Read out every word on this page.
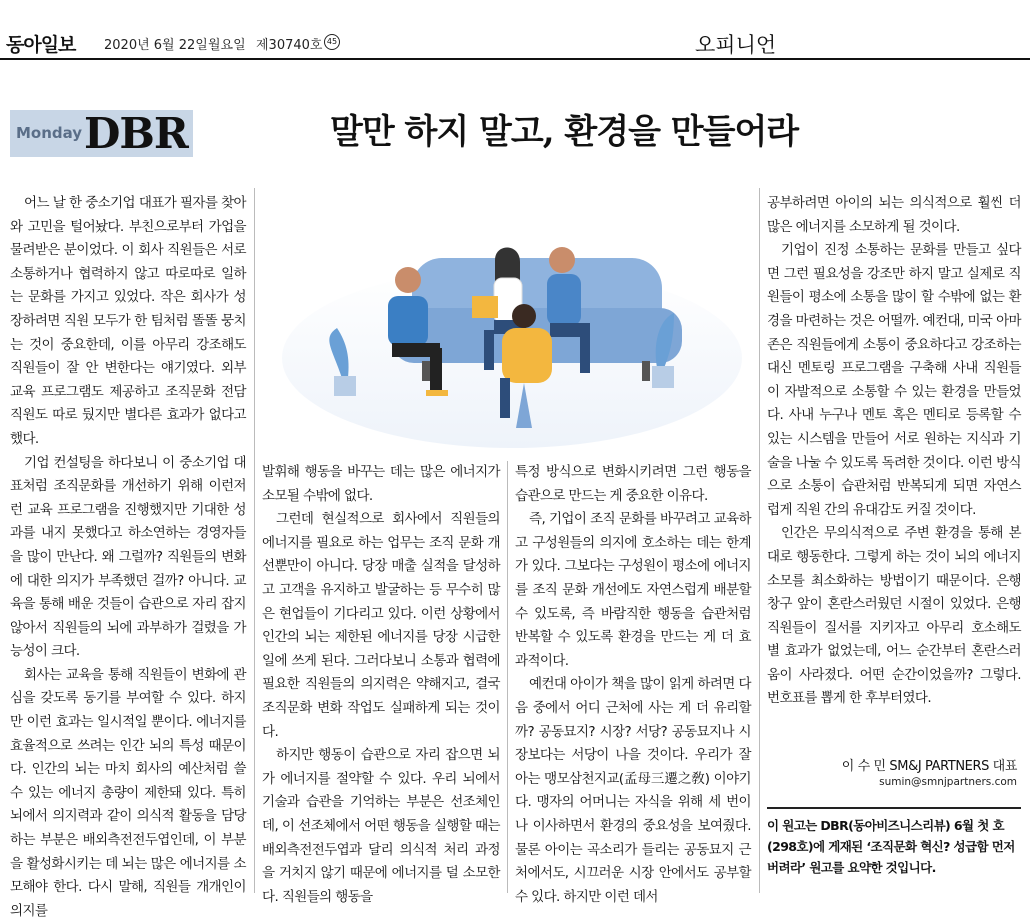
동아일보 2020년 6월 22일 월요일 제30740호 45	오피니언
Monday DBR	말만 하지 말고, 환경을 만들어라

어느 날 한 중소기업 대표가 필자를 찾아와 고민을 털어놨다. 부친으로부터 가업을 물려받은 분이었다. 이 회사 직원들은 서로 소통하거나 협력하지 않고 따로따로 일하는 문화를 가지고 있었다. 작은 회사가 성장하려면 직원 모두가 한 팀처럼 똘똘 뭉치는 것이 중요한데, 이를 아무리 강조해도 직원들이 잘 안 변한다는 얘기였다. 외부 교육 프로그램도 제공하고 조직문화 전담 직원도 따로 뒀지만 별다른 효과가 없다고 했다.

기업 컨설팅을 하다보니 이 중소기업 대표처럼 조직문화를 개선하기 위해 이런저런 교육 프로그램을 진행했지만 기대한 성과를 내지 못했다고 하소연하는 경영자들을 많이 만난다. 왜 그럴까? 직원들의 변화에 대한 의지가 부족했던 걸까? 아니다. 교육을 통해 배운 것들이 습관으로 자리 잡지 않아서 직원들의 뇌에 과부하가 걸렸을 가능성이 크다.

회사는 교육을 통해 직원들이 변화에 관심을 갖도록 동기를 부여할 수 있다. 하지만 이런 효과는 일시적일 뿐이다. 에너지를 효율적으로 쓰려는 인간 뇌의 특성 때문이다. 인간의 뇌는 마치 회사의 예산처럼 쓸 수 있는 에너지 총량이 제한돼 있다. 특히 뇌에서 의지력과 같이 의식적 활동을 담당하는 부분은 배외측전전두엽인데, 이 부분을 활성화시키는 데 뇌는 많은 에너지를 소모해야 한다. 다시 말해, 직원들 개개인이 의지를

발휘해 행동을 바꾸는 데는 많은 에너지가 소모될 수밖에 없다.

그런데 현실적으로 회사에서 직원들의 에너지를 필요로 하는 업무는 조직 문화 개선뿐만이 아니다. 당장 매출 실적을 달성하고 고객을 유지하고 발굴하는 등 무수히 많은 현업들이 기다리고 있다. 이런 상황에서 인간의 뇌는 제한된 에너지를 당장 시급한 일에 쓰게 된다. 그러다보니 소통과 협력에 필요한 직원들의 의지력은 약해지고, 결국 조직문화 변화 작업도 실패하게 되는 것이다.

하지만 행동이 습관으로 자리 잡으면 뇌가 에너지를 절약할 수 있다. 우리 뇌에서 기술과 습관을 기억하는 부분은 선조체인데, 이 선조체에서 어떤 행동을 실행할 때는 배외측전전두엽과 달리 의식적 처리 과정을 거치지 않기 때문에 에너지를 덜 소모한다. 직원들의 행동을

특정 방식으로 변화시키려면 그런 행동을 습관으로 만드는 게 중요한 이유다.

즉, 기업이 조직 문화를 바꾸려고 교육하고 구성원들의 의지에 호소하는 데는 한계가 있다. 그보다는 구성원이 평소에 에너지를 조직 문화 개선에도 자연스럽게 배분할 수 있도록, 즉 바람직한 행동을 습관처럼 반복할 수 있도록 환경을 만드는 게 더 효과적이다.

예컨대 아이가 책을 많이 읽게 하려면 다음 중에서 어디 근처에 사는 게 더 유리할까? 공동묘지? 시장? 서당? 공동묘지나 시장보다는 서당이 나을 것이다. 우리가 잘 아는 맹모삼천지교(孟母三遷之敎) 이야기다. 맹자의 어머니는 자식을 위해 세 번이나 이사하면서 환경의 중요성을 보여줬다. 물론 아이는 곡소리가 들리는 공동묘지 근처에서도, 시끄러운 시장 안에서도 공부할 수 있다. 하지만 이런 데서

공부하려면 아이의 뇌는 의식적으로 훨씬 더 많은 에너지를 소모하게 될 것이다.

기업이 진정 소통하는 문화를 만들고 싶다면 그런 필요성을 강조만 하지 말고 실제로 직원들이 평소에 소통을 많이 할 수밖에 없는 환경을 마련하는 것은 어떨까. 예컨대, 미국 아마존은 직원들에게 소통이 중요하다고 강조하는 대신 멘토링 프로그램을 구축해 사내 직원들이 자발적으로 소통할 수 있는 환경을 만들었다. 사내 누구나 멘토 혹은 멘티로 등록할 수 있는 시스템을 만들어 서로 원하는 지식과 기술을 나눌 수 있도록 독려한 것이다. 이런 방식으로 소통이 습관처럼 반복되게 되면 자연스럽게 직원 간의 유대감도 커질 것이다.

인간은 무의식적으로 주변 환경을 통해 본 대로 행동한다. 그렇게 하는 것이 뇌의 에너지 소모를 최소화하는 방법이기 때문이다. 은행 창구 앞이 혼란스러웠던 시절이 있었다. 은행 직원들이 질서를 지키자고 아무리 호소해도 별 효과가 없었는데, 어느 순간부터 혼란스러움이 사라졌다. 어떤 순간이었을까? 그렇다. 번호표를 뽑게 한 후부터였다.

이 수 민 SM&J PARTNERS 대표
sumin@smnjpartners.com
이 원고는 DBR(동아비즈니스리뷰) 6월 첫 호(298호)에 게재된 ‘조직문화 혁신? 성급함 먼저 버려라’ 원고를 요약한 것입니다.
